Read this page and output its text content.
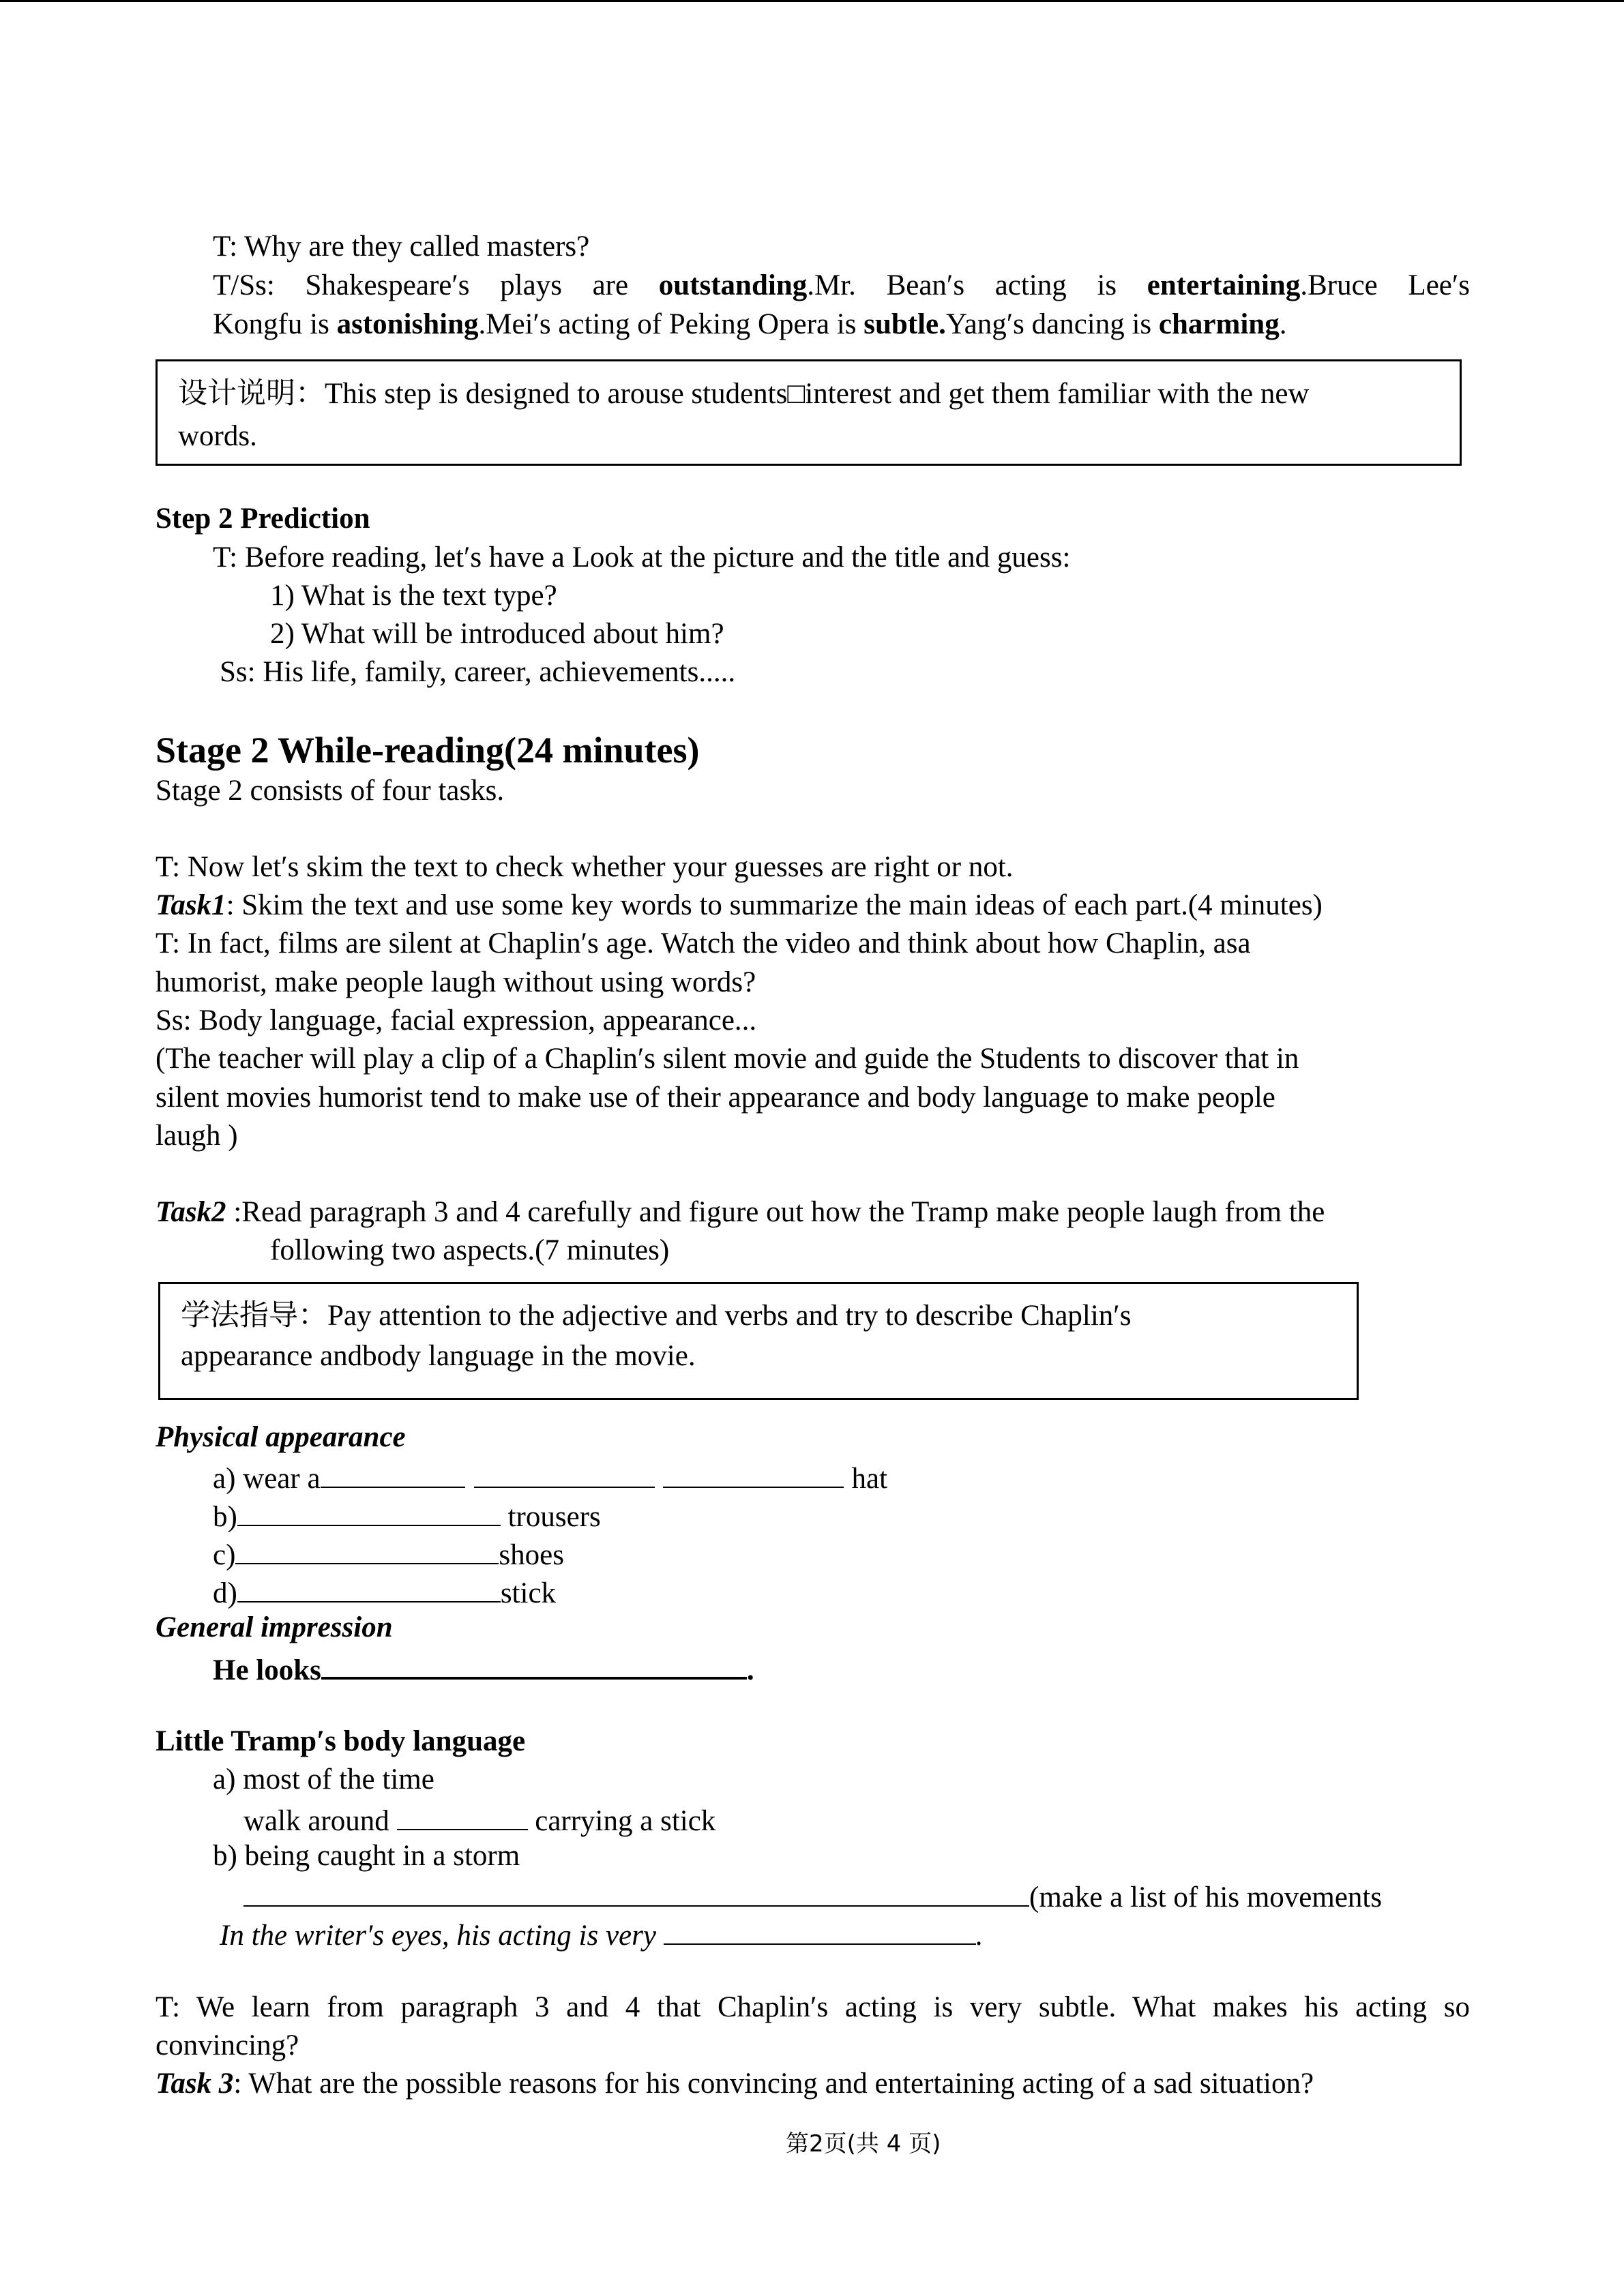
T: Why are they called masters?
T/Ss: Shakespeare′s plays are outstanding.Mr. Bean′s acting is entertaining.Bruce Lee′s
Kongfu is astonishing.Mei′s acting of Peking Opera is subtle.Yang′s dancing is charming.
设计说明：This step is designed to arouse students□interest and get them familiar with the new
words.
Step 2 Prediction
T: Before reading, let′s have a Look at the picture and the title and guess:
1) What is the text type?
2) What will be introduced about him?
Ss: His life, family, career, achievements.....
Stage 2 While-reading(24 minutes)
Stage 2 consists of four tasks.
T: Now let′s skim the text to check whether your guesses are right or not.
Task1: Skim the text and use some key words to summarize the main ideas of each part.(4 minutes)
T: In fact, films are silent at Chaplin′s age. Watch the video and think about how Chaplin, asa
humorist, make people laugh without using words?
Ss: Body language, facial expression, appearance...
(The teacher will play a clip of a Chaplin′s silent movie and guide the Students to discover that in
silent movies humorist tend to make use of their appearance and body language to make people
laugh )
Task2 :Read paragraph 3 and 4 carefully and figure out how the Tramp make people laugh from the
following two aspects.(7 minutes)
学法指导：Pay attention to the adjective and verbs and try to describe Chaplin′s
appearance andbody language in the movie.
Physical appearance
a) wear a	hat
b)	trousers
c)	shoes
d)	stick
General impression
He looks	.
Little Tramp′s body language
a) most of the time
walk around	carrying a stick
b) being caught in a storm
(make a list of his movements
In the writer′s eyes, his acting is very	.
T: We learn from paragraph 3 and 4 that Chaplin′s acting is very subtle. What makes his acting so
convincing?
Task 3: What are the possible reasons for his convincing and entertaining acting of a sad situation?
第2页(共 4 页)
